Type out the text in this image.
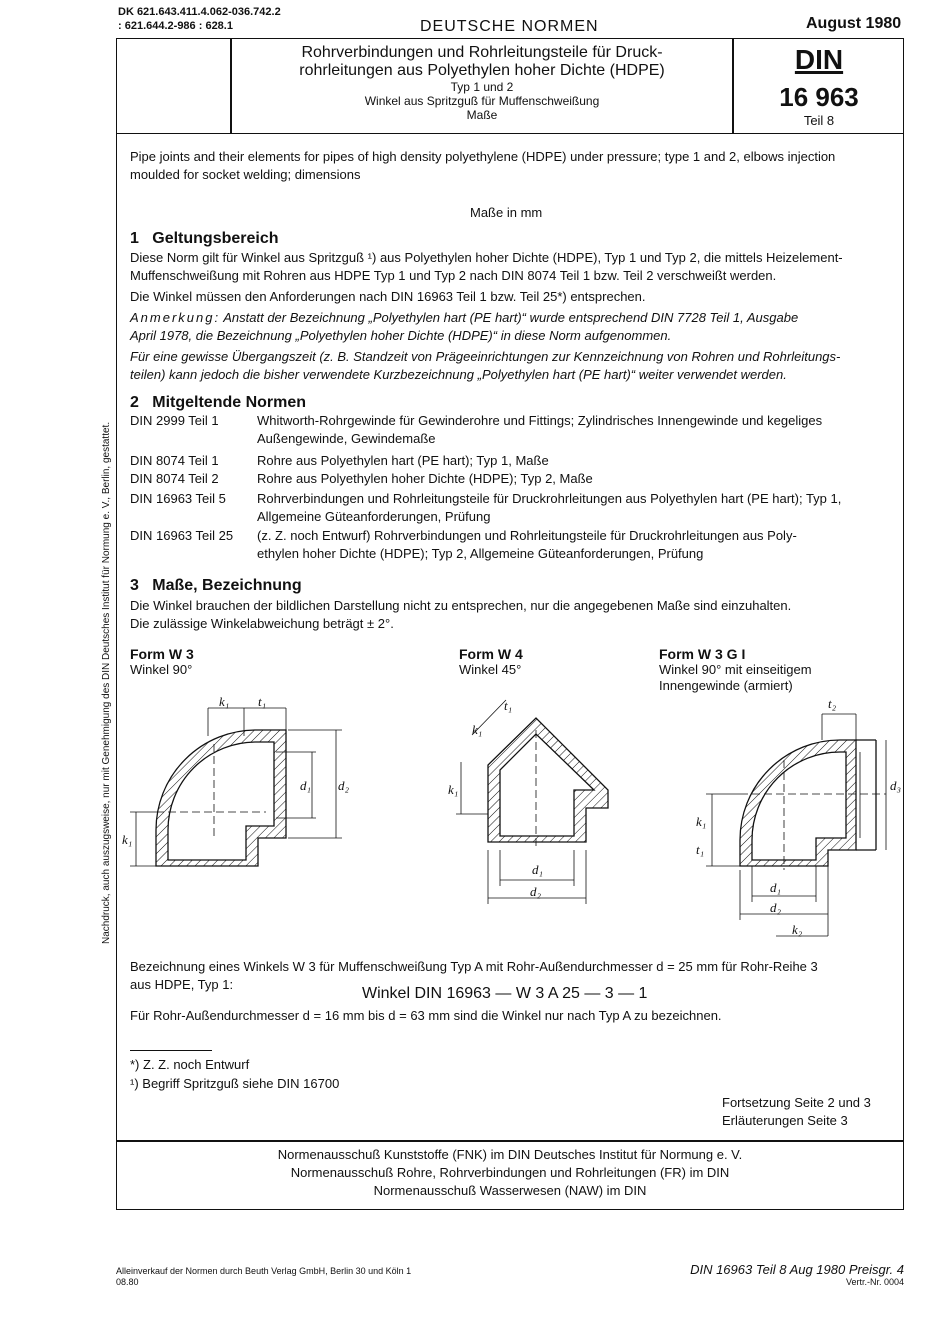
DK 621.643.411.4.062-036.742.2
: 621.644.2-986 : 628.1	DEUTSCHE NORMEN	August 1980
Rohrverbindungen und Rohrleitungsteile für Druck-
rohrleitungen aus Polyethylen hoher Dichte (HDPE)
Typ 1 und 2
Winkel aus Spritzguß für Muffenschweißung
Maße
DIN
16 963
Teil 8
Nachdruck, auch auszugsweise, nur mit Genehmigung des DIN Deutsches Institut für Normung e. V., Berlin, gestattet.
Pipe joints and their elements for pipes of high density polyethylene (HDPE) under pressure; type 1 and 2, elbows injection
moulded for socket welding; dimensions
Maße in mm
1 Geltungsbereich
Diese Norm gilt für Winkel aus Spritzguß ¹) aus Polyethylen hoher Dichte (HDPE), Typ 1 und Typ 2, die mittels Heizelement-
Muffenschweißung mit Rohren aus HDPE Typ 1 und Typ 2 nach DIN 8074 Teil 1 bzw. Teil 2 verschweißt werden.
Die Winkel müssen den Anforderungen nach DIN 16963 Teil 1 bzw. Teil 25*) entsprechen.
Anmerkung: Anstatt der Bezeichnung „Polyethylen hart (PE hart)“ wurde entsprechend DIN 7728 Teil 1, Ausgabe
April 1978, die Bezeichnung „Polyethylen hoher Dichte (HDPE)“ in diese Norm aufgenommen.
Für eine gewisse Übergangszeit (z. B. Standzeit von Prägeeinrichtungen zur Kennzeichnung von Rohren und Rohrleitungs-
teilen) kann jedoch die bisher verwendete Kurzbezeichnung „Polyethylen hart (PE hart)“ weiter verwendet werden.
2 Mitgeltende Normen
DIN 2999 Teil 1	Whitworth-Rohrgewinde für Gewinderohre und Fittings; Zylindrisches Innengewinde und kegeliges
Außengewinde, Gewindemaße
DIN 8074 Teil 1	Rohre aus Polyethylen hart (PE hart); Typ 1, Maße
DIN 8074 Teil 2	Rohre aus Polyethylen hoher Dichte (HDPE); Typ 2, Maße
DIN 16963 Teil 5	Rohrverbindungen und Rohrleitungsteile für Druckrohrleitungen aus Polyethylen hart (PE hart); Typ 1,
Allgemeine Güteanforderungen, Prüfung
DIN 16963 Teil 25	(z. Z. noch Entwurf) Rohrverbindungen und Rohrleitungsteile für Druckrohrleitungen aus Poly-
ethylen hoher Dichte (HDPE); Typ 2, Allgemeine Güteanforderungen, Prüfung
3 Maße, Bezeichnung
Die Winkel brauchen der bildlichen Darstellung nicht zu entsprechen, nur die angegebenen Maße sind einzuhalten.
Die zulässige Winkelabweichung beträgt ± 2°.
Form W 3
Winkel 90°
Form W 4
Winkel 45°
Form W 3 G I
Winkel 90° mit einseitigem
Innengewinde (armiert)
k₁ t₁
k₁
d₁ d₂
k₁
t₁
k₁
d₁
d₂
t₂
d₃
k₁
t₁
d₁
d₂
k₂
Bezeichnung eines Winkels W 3 für Muffenschweißung Typ A mit Rohr-Außendurchmesser d = 25 mm für Rohr-Reihe 3
aus HDPE, Typ 1:
Winkel DIN 16963 — W 3 A 25 — 3 — 1
Für Rohr-Außendurchmesser d = 16 mm bis d = 63 mm sind die Winkel nur nach Typ A zu bezeichnen.
*) Z. Z. noch Entwurf
¹) Begriff Spritzguß siehe DIN 16700
Fortsetzung Seite 2 und 3
Erläuterungen Seite 3
Normenausschuß Kunststoffe (FNK) im DIN Deutsches Institut für Normung e. V.
Normenausschuß Rohre, Rohrverbindungen und Rohrleitungen (FR) im DIN
Normenausschuß Wasserwesen (NAW) im DIN
Alleinverkauf der Normen durch Beuth Verlag GmbH, Berlin 30 und Köln 1
08.80
DIN 16963 Teil 8 Aug 1980 Preisgr. 4
Vertr.-Nr. 0004
